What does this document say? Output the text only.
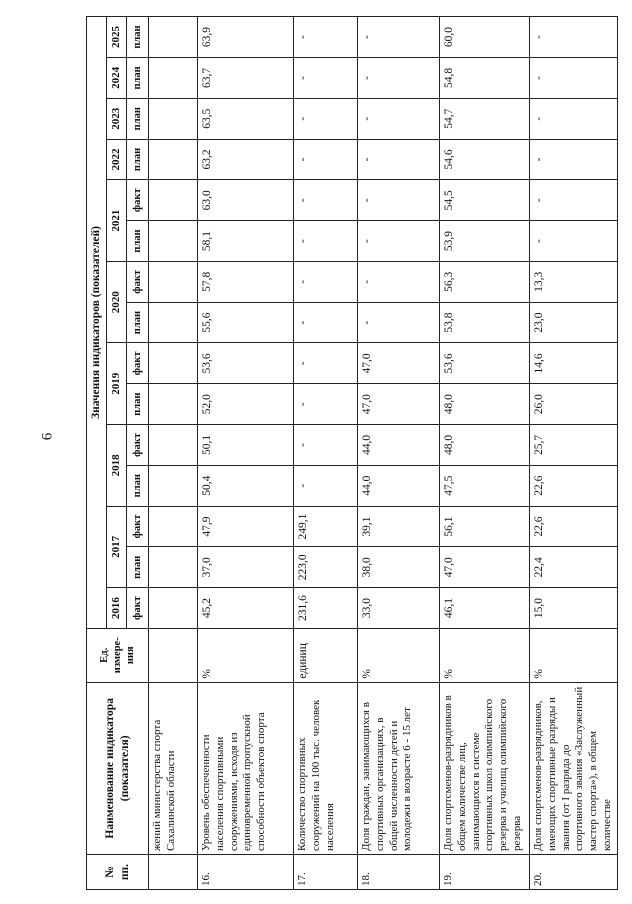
6
№ пп.	Наименование индикатора (показателя)	Ед. измере- ния	Значения индикаторов (показателей)														
			2016	2017		2018		2019		2020		2021		2022	2023	2024	2025
			факт	план	факт	план	факт	план	факт	план	факт	план	факт	план	план	план	план
	жений министерства спорта Сахалинской области																
16.	Уровень обеспеченности населения спортивными сооружениями, исходя из единовременной пропускной способности объектов спорта	%	45,2	37,0	47,9	50,4	50,1	52,0	53,6	55,6	57,8	58,1	63,0	63,2	63,5	63,7	63,9
17.	Количество спортивных сооружений на 100 тыс. человек населения	единиц	231,6	223,0	249,1	-	-	-	-	-	-	-	-	-	-	-	-
18.	Доля граждан, занимающихся в спортивных организациях, в общей численности детей и молодежи в возрасте 6 - 15 лет	%	33,0	38,0	39,1	44,0	44,0	47,0	47,0	-	-	-	-	-	-	-	-
19.	Доля спортсменов-разрядников в общем количестве лиц, занимающихся в системе спортивных школ олимпийского резерва и училищ олимпийского резерва	%	46,1	47,0	56,1	47,5	48,0	48,0	53,6	53,8	56,3	53,9	54,5	54,6	54,7	54,8	60,0
20.	Доля спортсменов-разрядников, имеющих спортивные разряды и звания (от I разряда до спортивного звания «Заслуженный мастер спорта»), в общем количестве	%	15,0	22,4	22,6	22,6	25,7	26,0	14,6	23,0	13,3	-	-	-	-	-	-
